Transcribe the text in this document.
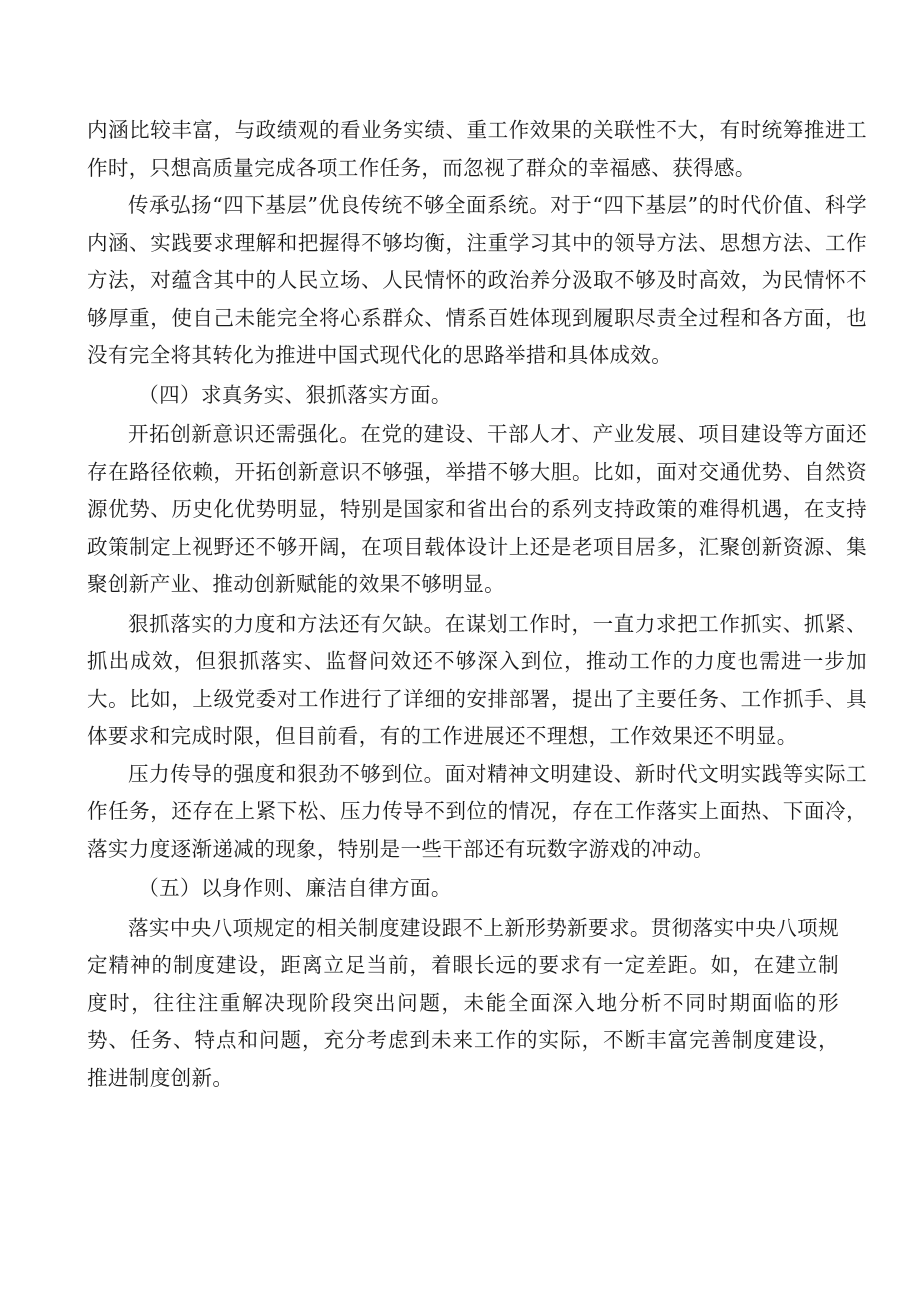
内涵比较丰富，与政绩观的看业务实绩、重工作效果的关联性不大，有时统筹推进工作时，只想高质量完成各项工作任务，而忽视了群众的幸福感、获得感。

传承弘扬“四下基层”优良传统不够全面系统。对于“四下基层”的时代价值、科学内涵、实践要求理解和把握得不够均衡，注重学习其中的领导方法、思想方法、工作方法，对蕴含其中的人民立场、人民情怀的政治养分汲取不够及时高效，为民情怀不够厚重，使自己未能完全将心系群众、情系百姓体现到履职尽责全过程和各方面，也没有完全将其转化为推进中国式现代化的思路举措和具体成效。

（四）求真务实、狠抓落实方面。

开拓创新意识还需强化。在党的建设、干部人才、产业发展、项目建设等方面还存在路径依赖，开拓创新意识不够强，举措不够大胆。比如，面对交通优势、自然资源优势、历史化优势明显，特别是国家和省出台的系列支持政策的难得机遇，在支持政策制定上视野还不够开阔，在项目载体设计上还是老项目居多，汇聚创新资源、集聚创新产业、推动创新赋能的效果不够明显。

狠抓落实的力度和方法还有欠缺。在谋划工作时，一直力求把工作抓实、抓紧、抓出成效，但狠抓落实、监督问效还不够深入到位，推动工作的力度也需进一步加大。比如，上级党委对工作进行了详细的安排部署，提出了主要任务、工作抓手、具体要求和完成时限，但目前看，有的工作进展还不理想，工作效果还不明显。

压力传导的强度和狠劲不够到位。面对精神文明建设、新时代文明实践等实际工作任务，还存在上紧下松、压力传导不到位的情况，存在工作落实上面热、下面冷，落实力度逐渐递减的现象，特别是一些干部还有玩数字游戏的冲动。

（五）以身作则、廉洁自律方面。

落实中央八项规定的相关制度建设跟不上新形势新要求。贯彻落实中央八项规定精神的制度建设，距离立足当前，着眼长远的要求有一定差距。如，在建立制度时，往往注重解决现阶段突出问题，未能全面深入地分析不同时期面临的形势、任务、特点和问题，充分考虑到未来工作的实际，不断丰富完善制度建设，推进制度创新。
